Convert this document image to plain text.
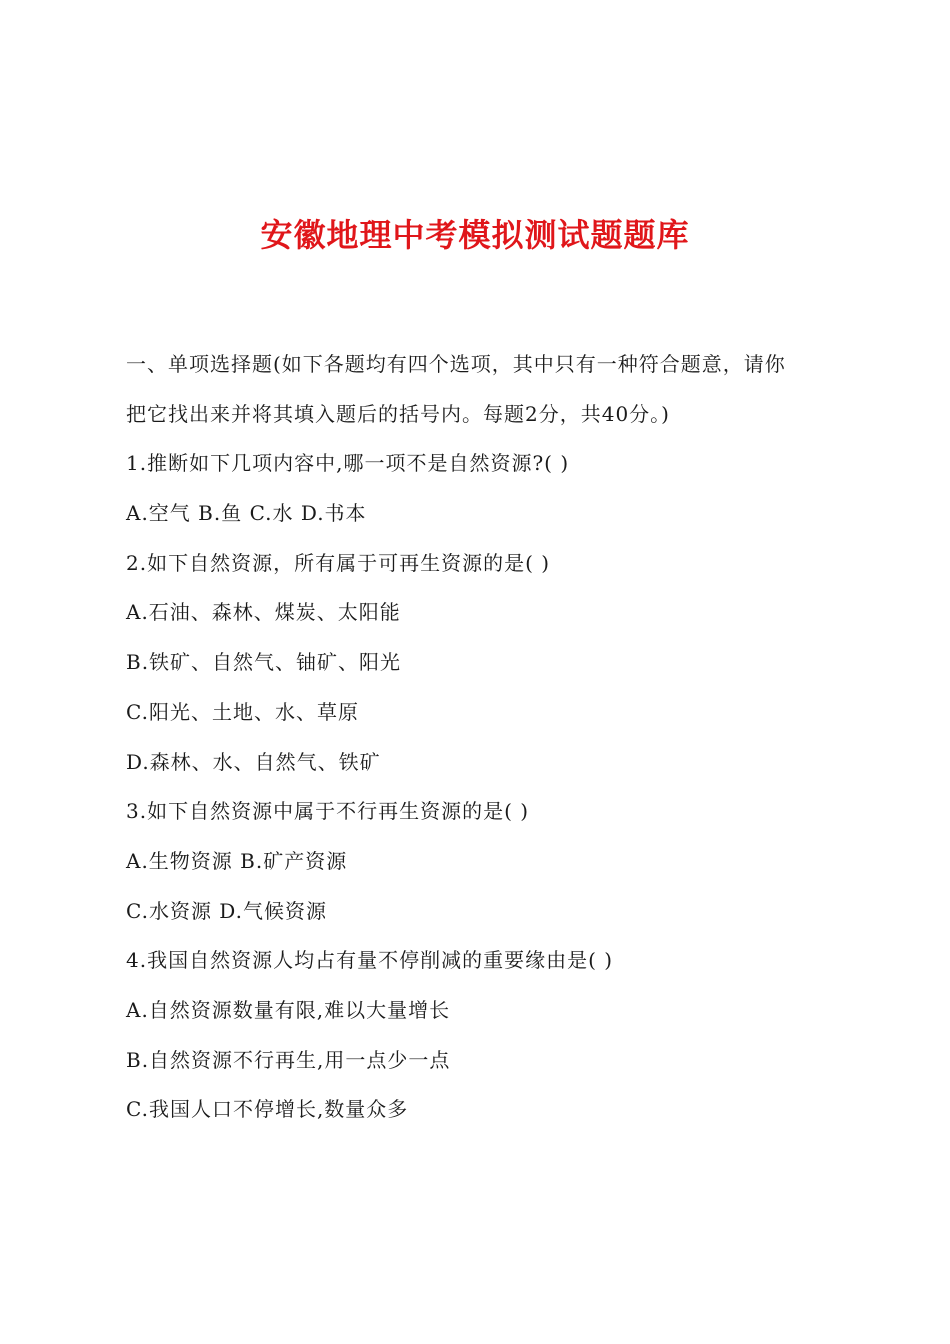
安徽地理中考模拟测试题题库
一、单项选择题(如下各题均有四个选项，其中只有一种符合题意，请你
把它找出来并将其填入题后的括号内。每题2分，共40分。)
1.推断如下几项内容中,哪一项不是自然资源?( )
A.空气 B.鱼 C.水 D.书本
2.如下自然资源，所有属于可再生资源的是( )
A.石油、森林、煤炭、太阳能
B.铁矿、自然气、铀矿、阳光
C.阳光、土地、水、草原
D.森林、水、自然气、铁矿
3.如下自然资源中属于不行再生资源的是( )
A.生物资源 B.矿产资源
C.水资源 D.气候资源
4.我国自然资源人均占有量不停削减的重要缘由是( )
A.自然资源数量有限,难以大量增长
B.自然资源不行再生,用一点少一点
C.我国人口不停增长,数量众多
